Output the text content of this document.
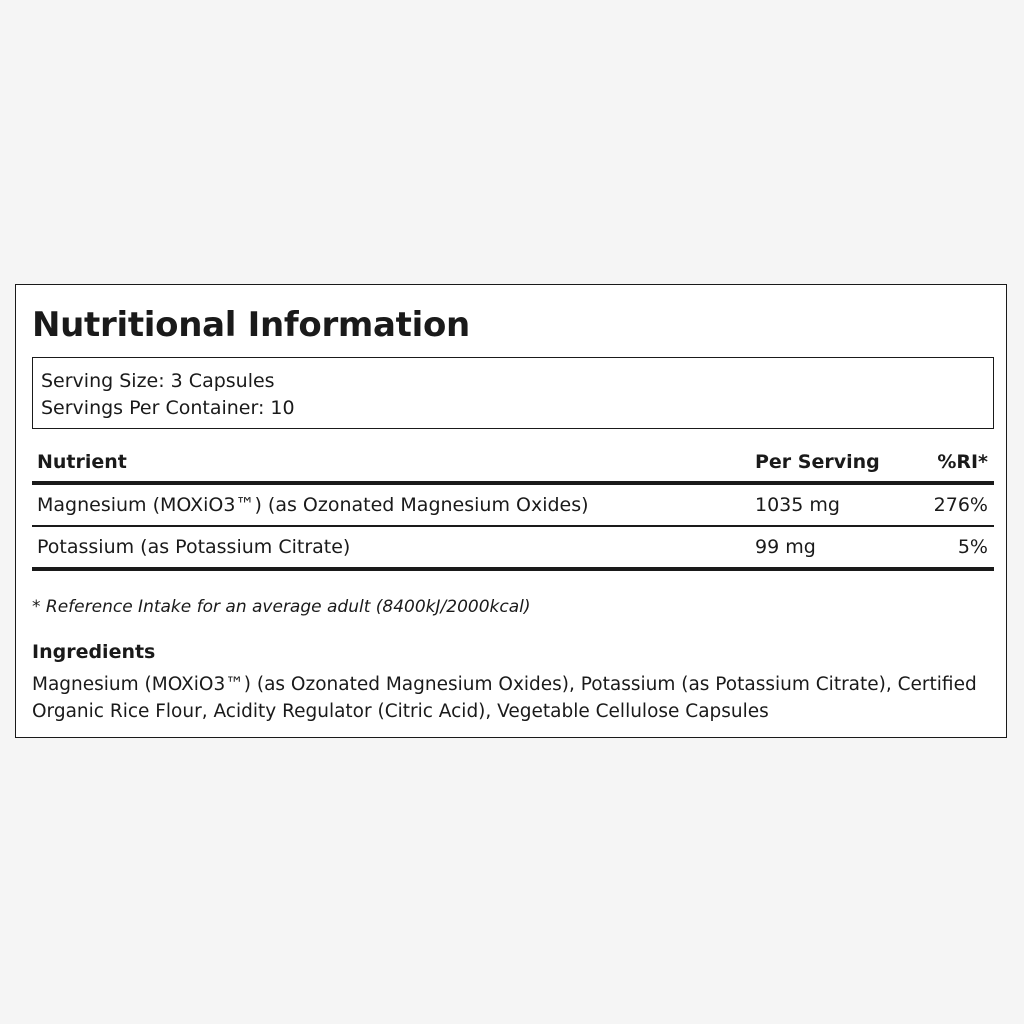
Nutritional Information
Serving Size: 3 Capsules
Servings Per Container: 10
Nutrient	Per Serving	%RI*
Magnesium (MOXiO3™) (as Ozonated Magnesium Oxides)	1035 mg	276%
Potassium (as Potassium Citrate)	99 mg	5%
* Reference Intake for an average adult (8400kJ/2000kcal)
Ingredients
Magnesium (MOXiO3™) (as Ozonated Magnesium Oxides), Potassium (as Potassium Citrate), Certified Organic Rice Flour, Acidity Regulator (Citric Acid), Vegetable Cellulose Capsules
